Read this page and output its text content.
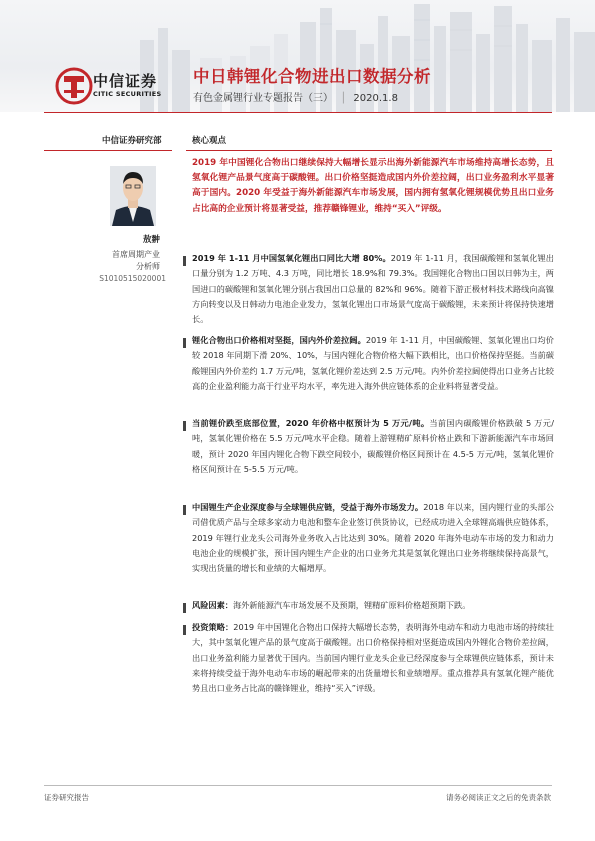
中信证券
CITIC SECURITIES
中日韩锂化合物进出口数据分析
有色金属锂行业专题报告（三） │ 2020.1.8
中信证券研究部	核心观点
敖翀
首席周期产业
分析师
S1010515020001
2019 年中国锂化合物出口继续保持大幅增长显示出海外新能源汽车市场维持高增长态势，且氢氧化锂产品景气度高于碳酸锂。出口价格坚挺造成国内外价差拉阔，出口业务盈利水平显著高于国内。2020 年受益于海外新能源汽车市场发展，国内拥有氢氧化锂规模优势且出口业务占比高的企业预计将显著受益，推荐赣锋锂业，维持“买入”评级。
2019 年 1-11 月中国氢氧化锂出口同比大增 80%。2019 年 1-11 月，我国碳酸锂和氢氧化锂出口量分别为 1.2 万吨、4.3 万吨，同比增长 18.9%和 79.3%。我国锂化合物出口国以日韩为主，两国进口的碳酸锂和氢氧化锂分别占我国出口总量的 82%和 96%。随着下游正极材料技术路线向高镍方向转变以及日韩动力电池企业发力，氢氧化锂出口市场景气度高于碳酸锂，未来预计将保持快速增长。
锂化合物出口价格相对坚挺，国内外价差拉阔。2019 年 1-11 月，中国碳酸锂、氢氧化锂出口均价较 2018 年同期下滑 20%、10%，与国内锂化合物价格大幅下跌相比，出口价格保持坚挺。当前碳酸锂国内外价差约 1.7 万元/吨，氢氧化锂价差达到 2.5 万元/吨。内外价差拉阔使得出口业务占比较高的企业盈利能力高于行业平均水平，率先进入海外供应链体系的企业料将显著受益。
当前锂价跌至底部位置，2020 年价格中枢预计为 5 万元/吨。当前国内碳酸锂价格跌破 5 万元/吨，氢氧化锂价格在 5.5 万元/吨水平企稳。随着上游锂精矿原料价格止跌和下游新能源汽车市场回暖，预计 2020 年国内锂化合物下跌空间较小，碳酸锂价格区间预计在 4.5-5 万元/吨，氢氧化锂价格区间预计在 5-5.5 万元/吨。
中国锂生产企业深度参与全球锂供应链，受益于海外市场发力。2018 年以来，国内锂行业的头部公司借优质产品与全球多家动力电池和整车企业签订供货协议，已经成功进入全球锂高端供应链体系，2019 年锂行业龙头公司海外业务收入占比达到 30%。随着 2020 年海外电动车市场的发力和动力电池企业的规模扩张，预计国内锂生产企业的出口业务尤其是氢氧化锂出口业务将继续保持高景气，实现出货量的增长和业绩的大幅增厚。
风险因素：海外新能源汽车市场发展不及预期，锂精矿原料价格超预期下跌。
投资策略：2019 年中国锂化合物出口保持大幅增长态势，表明海外电动车和动力电池市场的持续壮大，其中氢氧化锂产品的景气度高于碳酸锂。出口价格保持相对坚挺造成国内外锂化合物价差拉阔，出口业务盈利能力显著优于国内。当前国内锂行业龙头企业已经深度参与全球锂供应链体系，预计未来将持续受益于海外电动车市场的崛起带来的出货量增长和业绩增厚。重点推荐具有氢氧化锂产能优势且出口业务占比高的赣锋锂业，维持“买入”评级。
证券研究报告	请务必阅读正文之后的免责条款
